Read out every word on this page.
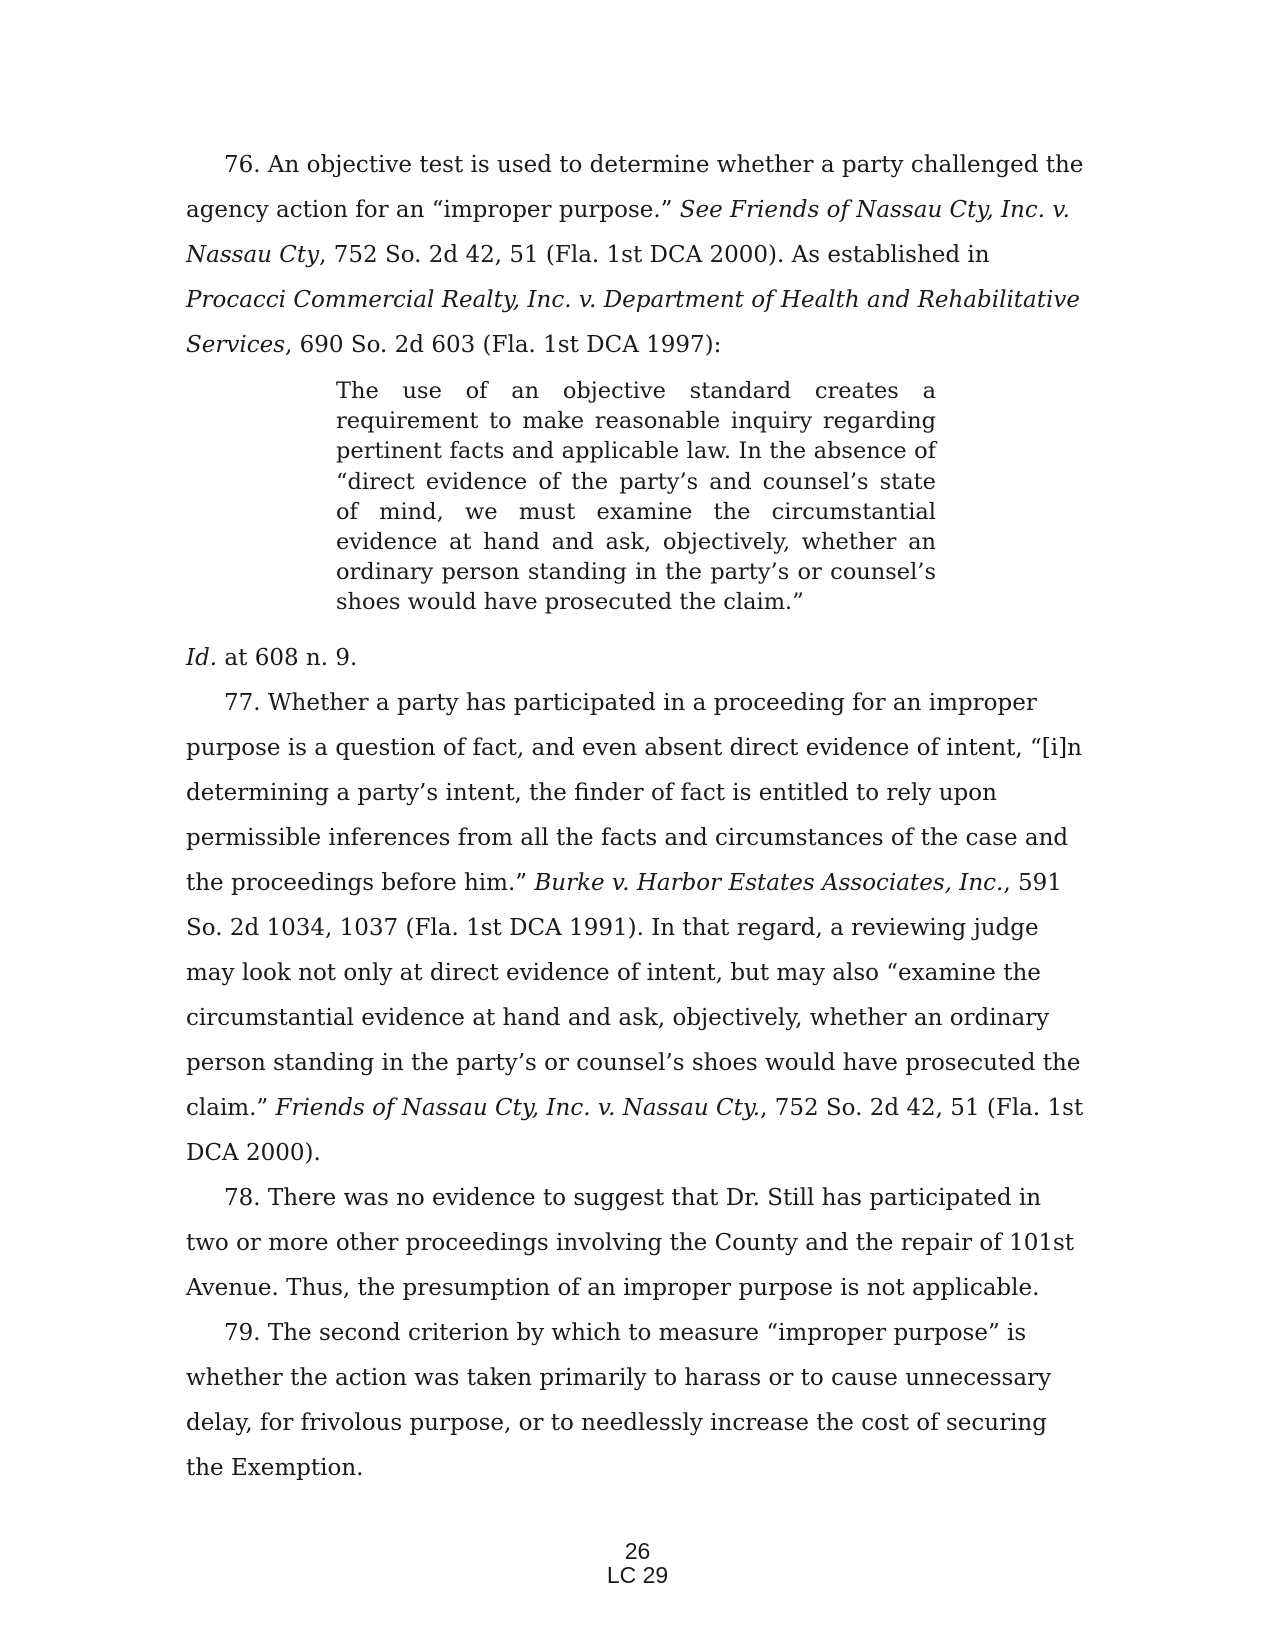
76. An objective test is used to determine whether a party challenged the agency action for an “improper purpose.” See Friends of Nassau Cty, Inc. v. Nassau Cty, 752 So. 2d 42, 51 (Fla. 1st DCA 2000). As established in Procacci Commercial Realty, Inc. v. Department of Health and Rehabilitative Services, 690 So. 2d 603 (Fla. 1st DCA 1997):

The use of an objective standard creates a requirement to make reasonable inquiry regarding pertinent facts and applicable law. In the absence of “direct evidence of the party’s and counsel’s state of mind, we must examine the circumstantial evidence at hand and ask, objectively, whether an ordinary person standing in the party’s or counsel’s shoes would have prosecuted the claim.”

Id. at 608 n. 9.

77. Whether a party has participated in a proceeding for an improper purpose is a question of fact, and even absent direct evidence of intent, “[i]n determining a party’s intent, the finder of fact is entitled to rely upon permissible inferences from all the facts and circumstances of the case and the proceedings before him.” Burke v. Harbor Estates Associates, Inc., 591 So. 2d 1034, 1037 (Fla. 1st DCA 1991). In that regard, a reviewing judge may look not only at direct evidence of intent, but may also “examine the circumstantial evidence at hand and ask, objectively, whether an ordinary person standing in the party’s or counsel’s shoes would have prosecuted the claim.” Friends of Nassau Cty, Inc. v. Nassau Cty., 752 So. 2d 42, 51 (Fla. 1st DCA 2000).

78. There was no evidence to suggest that Dr. Still has participated in two or more other proceedings involving the County and the repair of 101st Avenue. Thus, the presumption of an improper purpose is not applicable.

79. The second criterion by which to measure “improper purpose” is whether the action was taken primarily to harass or to cause unnecessary delay, for frivolous purpose, or to needlessly increase the cost of securing the Exemption.

26
LC 29
